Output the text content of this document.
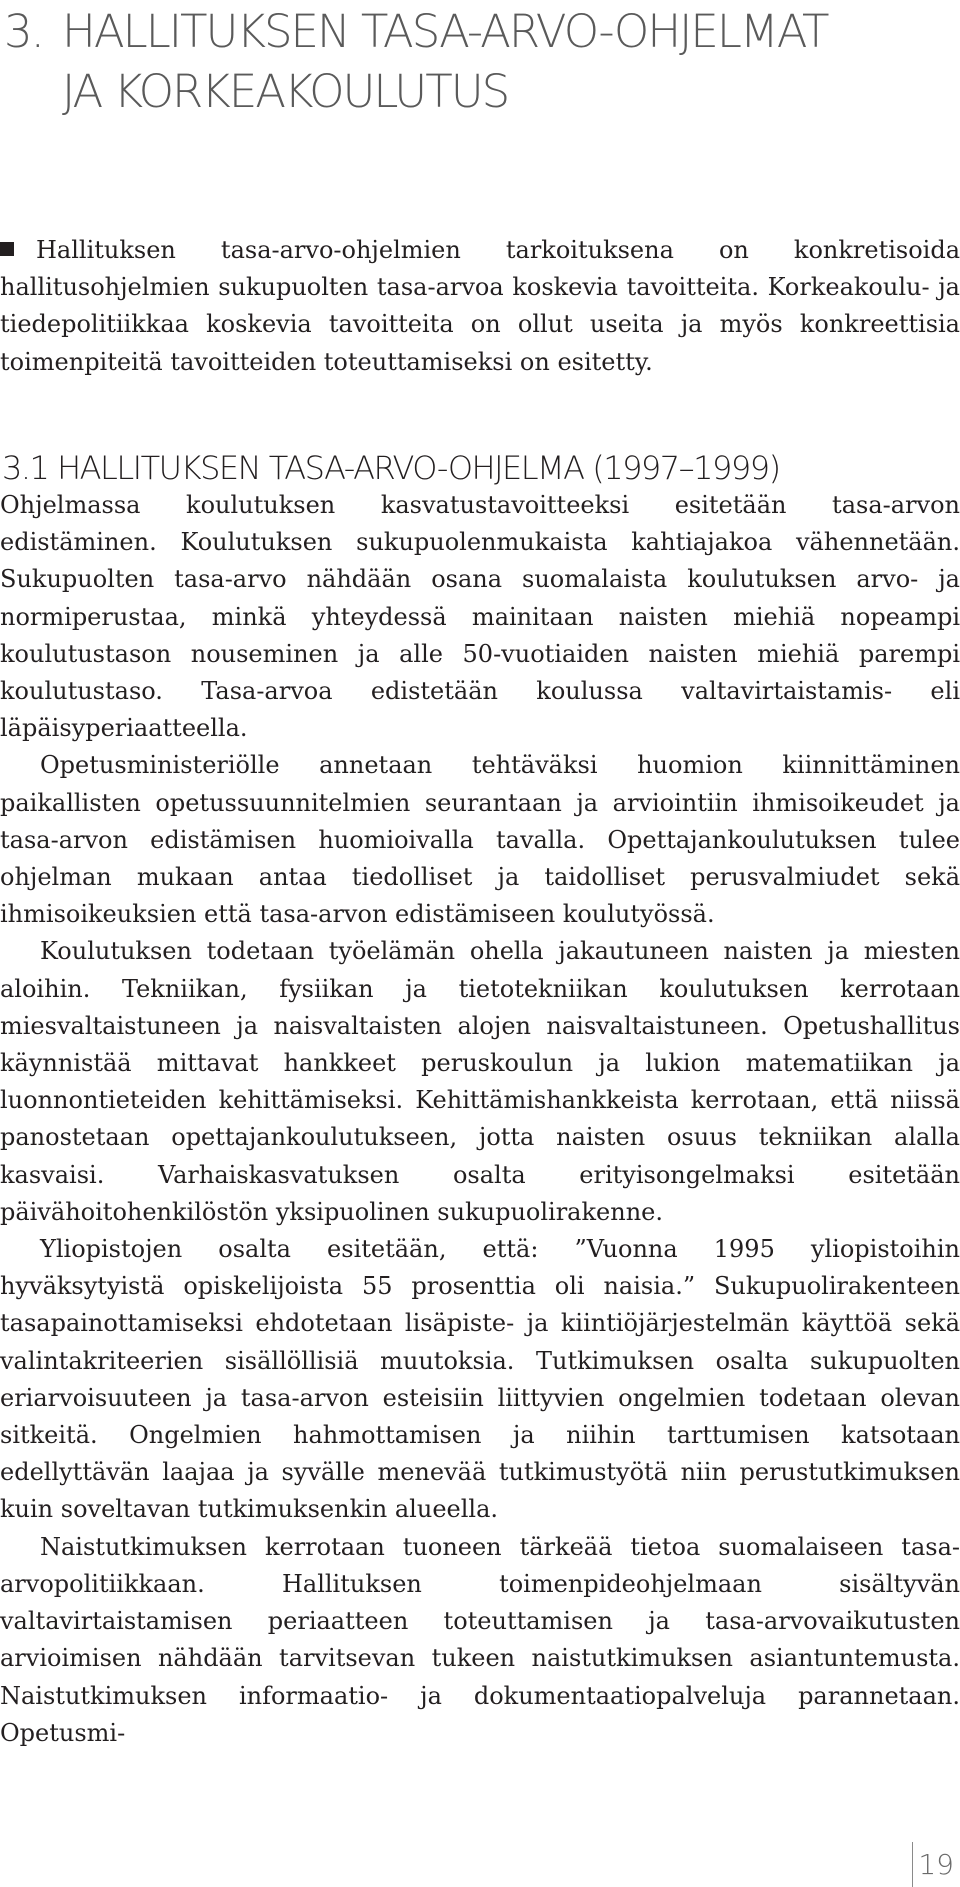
3. HALLITUKSEN TASA-ARVO-OHJELMAT
JA KORKEAKOULUTUS

Hallituksen tasa-arvo-ohjelmien tarkoituksena on konkretisoida hallitusohjelmien sukupuolten tasa-arvoa koskevia tavoitteita. Korkeakoulu- ja tiedepolitiikkaa koskevia tavoitteita on ollut useita ja myös konkreettisia toimenpiteitä tavoitteiden toteuttamiseksi on esitetty.

3.1 HALLITUKSEN TASA-ARVO-OHJELMA (1997–1999)

Ohjelmassa koulutuksen kasvatustavoitteeksi esitetään tasa-arvon edistäminen. Koulutuksen sukupuolenmukaista kahtiajakoa vähennetään. Sukupuolten tasa-arvo nähdään osana suomalaista koulutuksen arvo- ja normiperustaa, minkä yhteydessä mainitaan naisten miehiä nopeampi koulutustason nouseminen ja alle 50-vuotiaiden naisten miehiä parempi koulutustaso. Tasa-arvoa edistetään koulussa valtavirtaistamis- eli läpäisyperiaatteella.

Opetusministeriölle annetaan tehtäväksi huomion kiinnittäminen paikallisten opetussuunnitelmien seurantaan ja arviointiin ihmisoikeudet ja tasa-arvon edistämisen huomioivalla tavalla. Opettajankoulutuksen tulee ohjelman mukaan antaa tiedolliset ja taidolliset perusvalmiudet sekä ihmisoikeuksien että tasa-arvon edistämiseen koulutyössä.

Koulutuksen todetaan työelämän ohella jakautuneen naisten ja miesten aloihin. Tekniikan, fysiikan ja tietotekniikan koulutuksen kerrotaan miesvaltaistuneen ja naisvaltaisten alojen naisvaltaistuneen. Opetushallitus käynnistää mittavat hankkeet peruskoulun ja lukion matematiikan ja luonnontieteiden kehittämiseksi. Kehittämishankkeista kerrotaan, että niissä panostetaan opettajankoulutukseen, jotta naisten osuus tekniikan alalla kasvaisi. Varhaiskasvatuksen osalta erityisongelmaksi esitetään päivähoitohenkilöstön yksipuolinen sukupuolirakenne.

Yliopistojen osalta esitetään, että: ”Vuonna 1995 yliopistoihin hyväksytyistä opiskelijoista 55 prosenttia oli naisia.” Sukupuolirakenteen tasapainottamiseksi ehdotetaan lisäpiste- ja kiintiöjärjestelmän käyttöä sekä valintakriteerien sisällöllisiä muutoksia. Tutkimuksen osalta sukupuolten eriarvoisuuteen ja tasa-arvon esteisiin liittyvien ongelmien todetaan olevan sitkeitä. Ongelmien hahmottamisen ja niihin tarttumisen katsotaan edellyttävän laajaa ja syvälle menevää tutkimustyötä niin perustutkimuksen kuin soveltavan tutkimuksenkin alueella.

Naistutkimuksen kerrotaan tuoneen tärkeää tietoa suomalaiseen tasa-arvopolitiikkaan. Hallituksen toimenpideohjelmaan sisältyvän valtavirtaistamisen periaatteen toteuttamisen ja tasa-arvovaikutusten arvioimisen nähdään tarvitsevan tukeen naistutkimuksen asiantuntemusta. Naistutkimuksen informaatio- ja dokumentaatiopalveluja parannetaan. Opetusmi-

19
